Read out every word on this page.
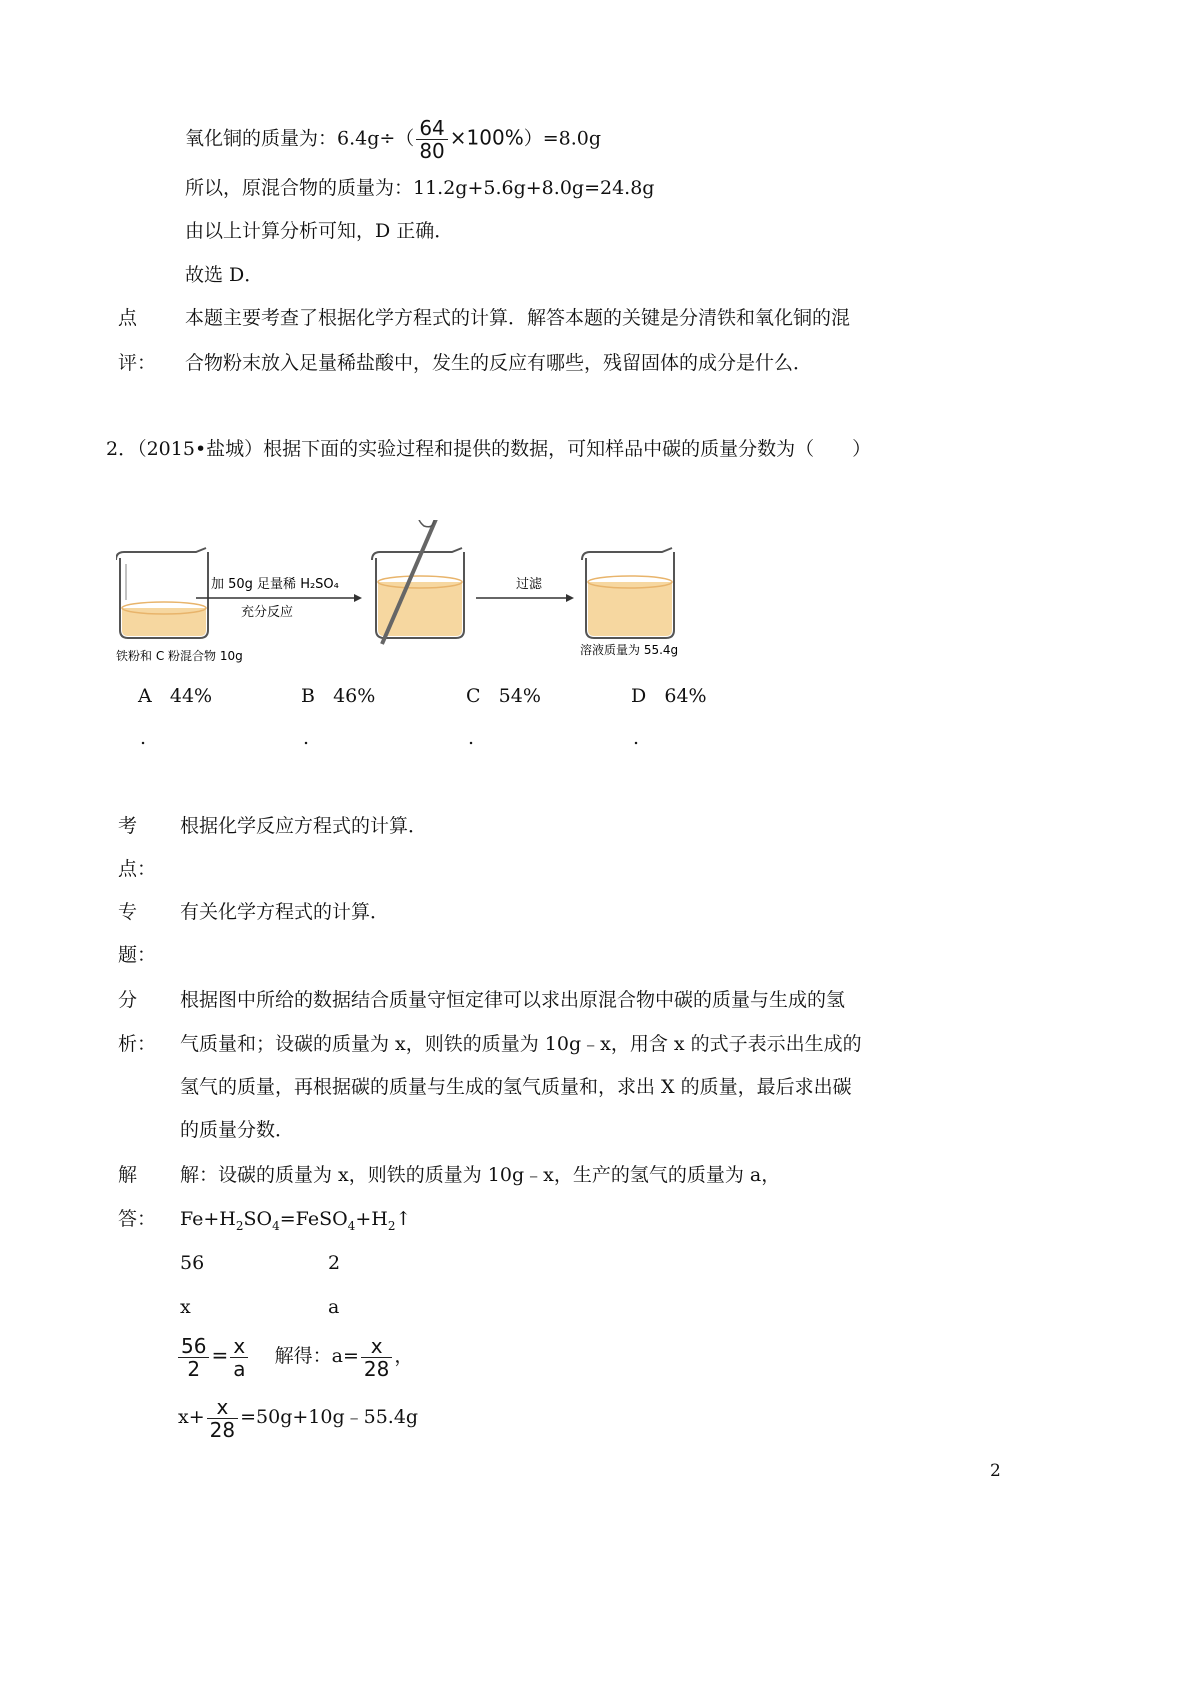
氧化铜的质量为：$6.4g\div( \frac{64}{80} \times 100\%)=8.0g$
所以，原混合物的质量为：11.2g+5.6g+8.0g=24.8g
由以上计算分析可知，D 正确．
故选 D．
点	本题主要考查了根据化学方程式的计算．解答本题的关键是分清铁和氧化铜的混
评： 合物粉末放入足量稀盐酸中，发生的反应有哪些，残留固体的成分是什么．
2．（2015•盐城）根据下面的实验过程和提供的数据，可知样品中碳的质量分数为（　　）
铁粉和 C 粉混合物 10g
加 50g 足量稀 H₂SO₄
充分反应
过滤
溶液质量为 55.4g
A 44%	B 46%	C 54%	D 64%
.	.	.	.
考 根据化学反应方程式的计算．
点：
专 有关化学方程式的计算．
题：
分 根据图中所给的数据结合质量守恒定律可以求出原混合物中碳的质量与生成的氢
析： 气质量和；设碳的质量为 x，则铁的质量为 10g﹣x，用含 x 的式子表示出生成的
氢气的质量，再根据碳的质量与生成的氢气质量和，求出 X 的质量，最后求出碳
的质量分数．
解 解：设碳的质量为 x，则铁的质量为 10g﹣x，生产的氢气的质量为 a，
答： $Fe+H_2SO_4=FeSO_4+H_2↑$
56	2
x	a
$\frac{56}{2} = \frac{x}{a}$ 解得：$a= \frac{x}{28}$ ，
$x+ \frac{x}{28}$ =50g+10g﹣55.4g
2
